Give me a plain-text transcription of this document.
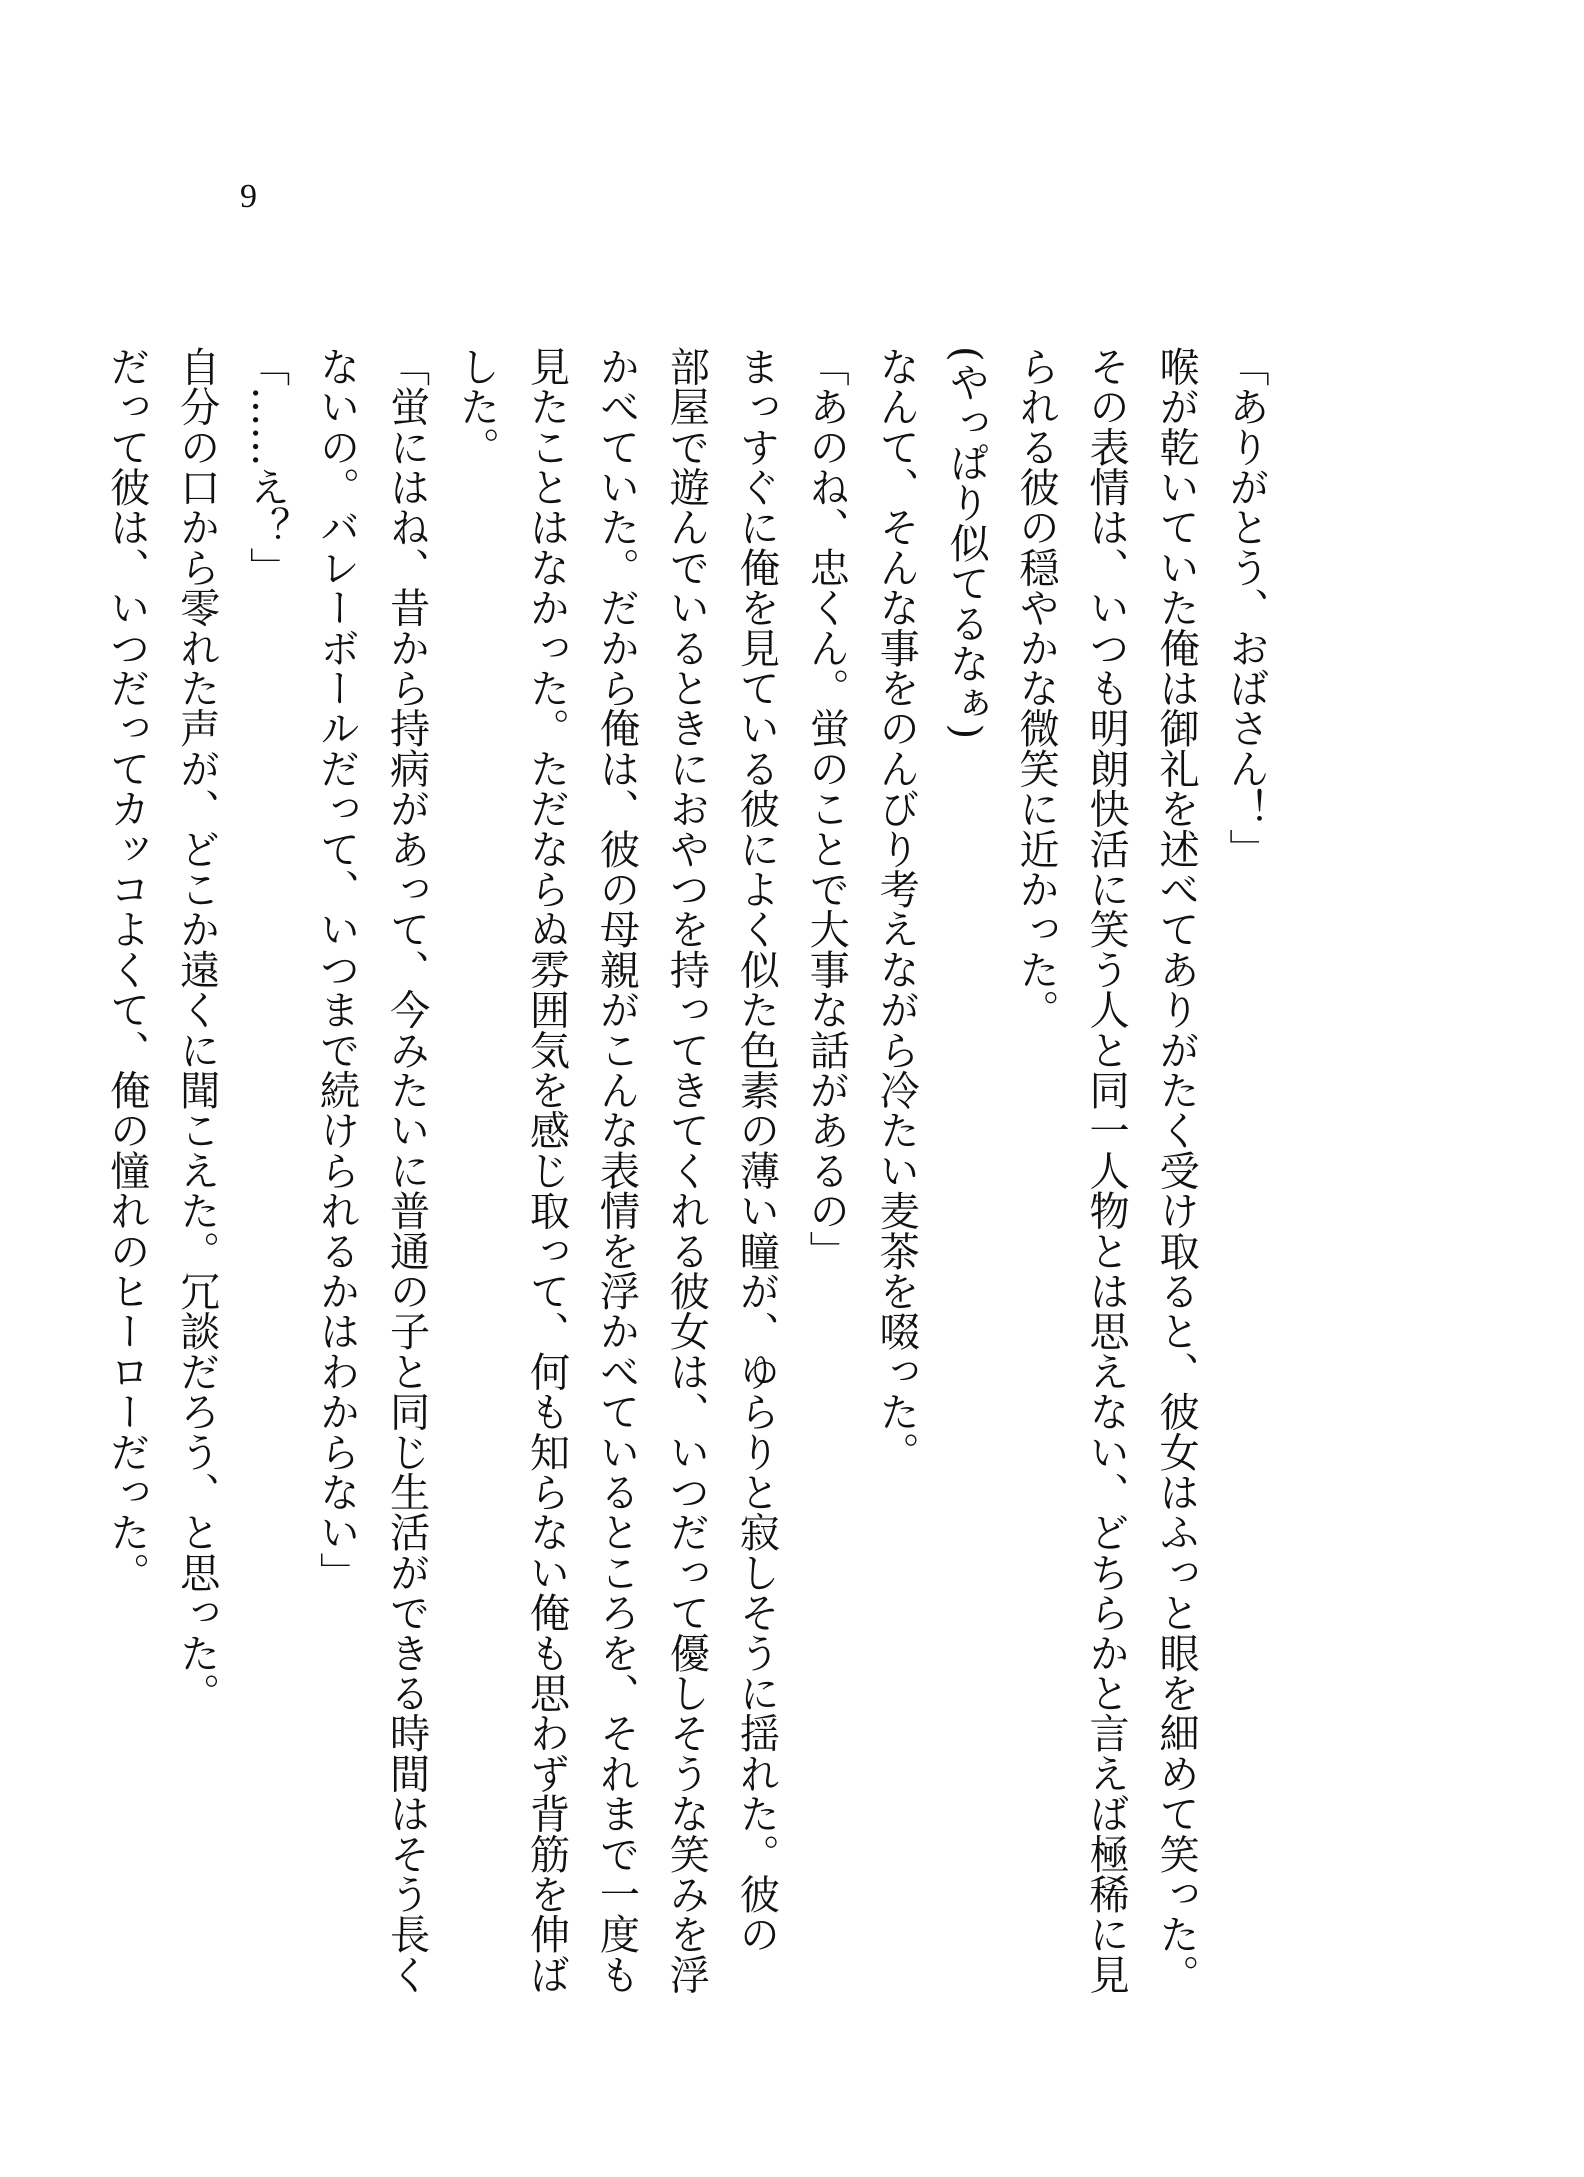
9
「ありがとう、おばさん！」
喉が乾いていた俺は御礼を述べてありがたく受け取ると、彼女はふっと眼を細めて笑った。
その表情は、いつも明朗快活に笑う人と同一人物とは思えない、どちらかと言えば極稀に見
られる彼の穏やかな微笑に近かった。
(やっぱり似てるなぁ)
なんて、そんな事をのんびり考えながら冷たい麦茶を啜った。
「あのね、忠くん。蛍のことで大事な話があるの」
まっすぐに俺を見ている彼によく似た色素の薄い瞳が、ゆらりと寂しそうに揺れた。彼の
部屋で遊んでいるときにおやつを持ってきてくれる彼女は、いつだって優しそうな笑みを浮
かべていた。だから俺は、彼の母親がこんな表情を浮かべているところを、それまで一度も
見たことはなかった。ただならぬ雰囲気を感じ取って、何も知らない俺も思わず背筋を伸ば
した。
「蛍にはね、昔から持病があって、今みたいに普通の子と同じ生活ができる時間はそう長く
ないの。バレーボールだって、いつまで続けられるかはわからない」
「……え？」
自分の口から零れた声が、どこか遠くに聞こえた。冗談だろう、と思った。
だって彼は、いつだってカッコよくて、俺の憧れのヒーローだった。
